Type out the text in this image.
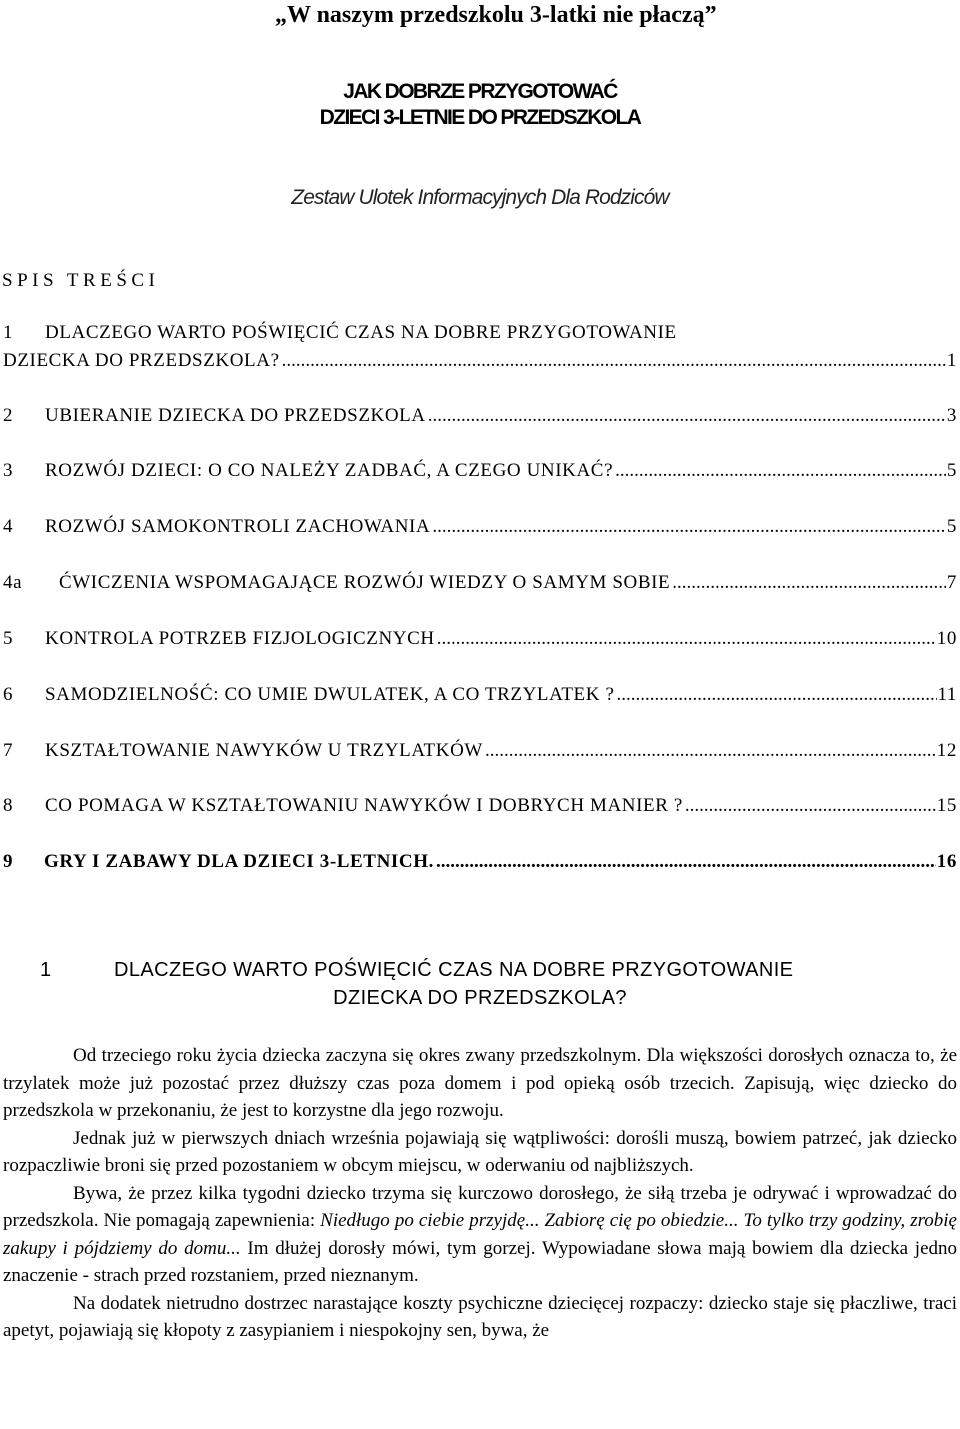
„W naszym przedszkolu 3-latki nie płaczą”
JAK DOBRZE PRZYGOTOWAĆ
DZIECI 3-LETNIE DO PRZEDSZKOLA
Zestaw Ulotek Informacyjnych Dla Rodziców
SPIS TREŚCI
1 DLACZEGO WARTO POŚWIĘCIĆ CZAS NA DOBRE PRZYGOTOWANIE
DZIECKA DO PRZEDSZKOLA? .....	1
2	UBIERANIE DZIECKA DO PRZEDSZKOLA .....	3
3	ROZWÓJ DZIECI: O CO NALEŻY ZADBAĆ, A CZEGO UNIKAĆ? .....	5
4	ROZWÓJ SAMOKONTROLI ZACHOWANIA .....	5
4a	ĆWICZENIA WSPOMAGAJĄCE ROZWÓJ WIEDZY O SAMYM SOBIE .....	7
5	KONTROLA POTRZEB FIZJOLOGICZNYCH .....	10
6	SAMODZIELNOŚĆ: CO UMIE DWULATEK, A CO TRZYLATEK ? .....	11
7	KSZTAŁTOWANIE NAWYKÓW U TRZYLATKÓW .....	12
8	CO POMAGA W KSZTAŁTOWANIU NAWYKÓW I DOBRYCH MANIER ? .....	15
9	GRY I ZABAWY DLA DZIECI 3-LETNICH. .....	16
1	DLACZEGO WARTO POŚWIĘCIĆ CZAS NA DOBRE PRZYGOTOWANIE
DZIECKA DO PRZEDSZKOLA?

Od trzeciego roku życia dziecka zaczyna się okres zwany przedszkolnym. Dla większości dorosłych oznacza to, że trzylatek może już pozostać przez dłuższy czas poza domem i pod opieką osób trzecich. Zapisują, więc dziecko do przedszkola w przekonaniu, że jest to korzystne dla jego rozwoju.

Jednak już w pierwszych dniach września pojawiają się wątpliwości: dorośli muszą, bowiem patrzeć, jak dziecko rozpaczliwie broni się przed pozostaniem w obcym miejscu, w oderwaniu od najbliższych.

Bywa, że przez kilka tygodni dziecko trzyma się kurczowo dorosłego, że siłą trzeba je odrywać i wprowadzać do przedszkola. Nie pomagają zapewnienia: Niedługo po ciebie przyjdę... Zabiorę cię po obiedzie... To tylko trzy godziny, zrobię zakupy i pójdziemy do domu... Im dłużej dorosły mówi, tym gorzej. Wypowiadane słowa mają bowiem dla dziecka jedno znaczenie - strach przed rozstaniem, przed nieznanym.

Na dodatek nietrudno dostrzec narastające koszty psychiczne dziecięcej rozpaczy: dziecko staje się płaczliwe, traci apetyt, pojawiają się kłopoty z zasypianiem i niespokojny sen, bywa, że
